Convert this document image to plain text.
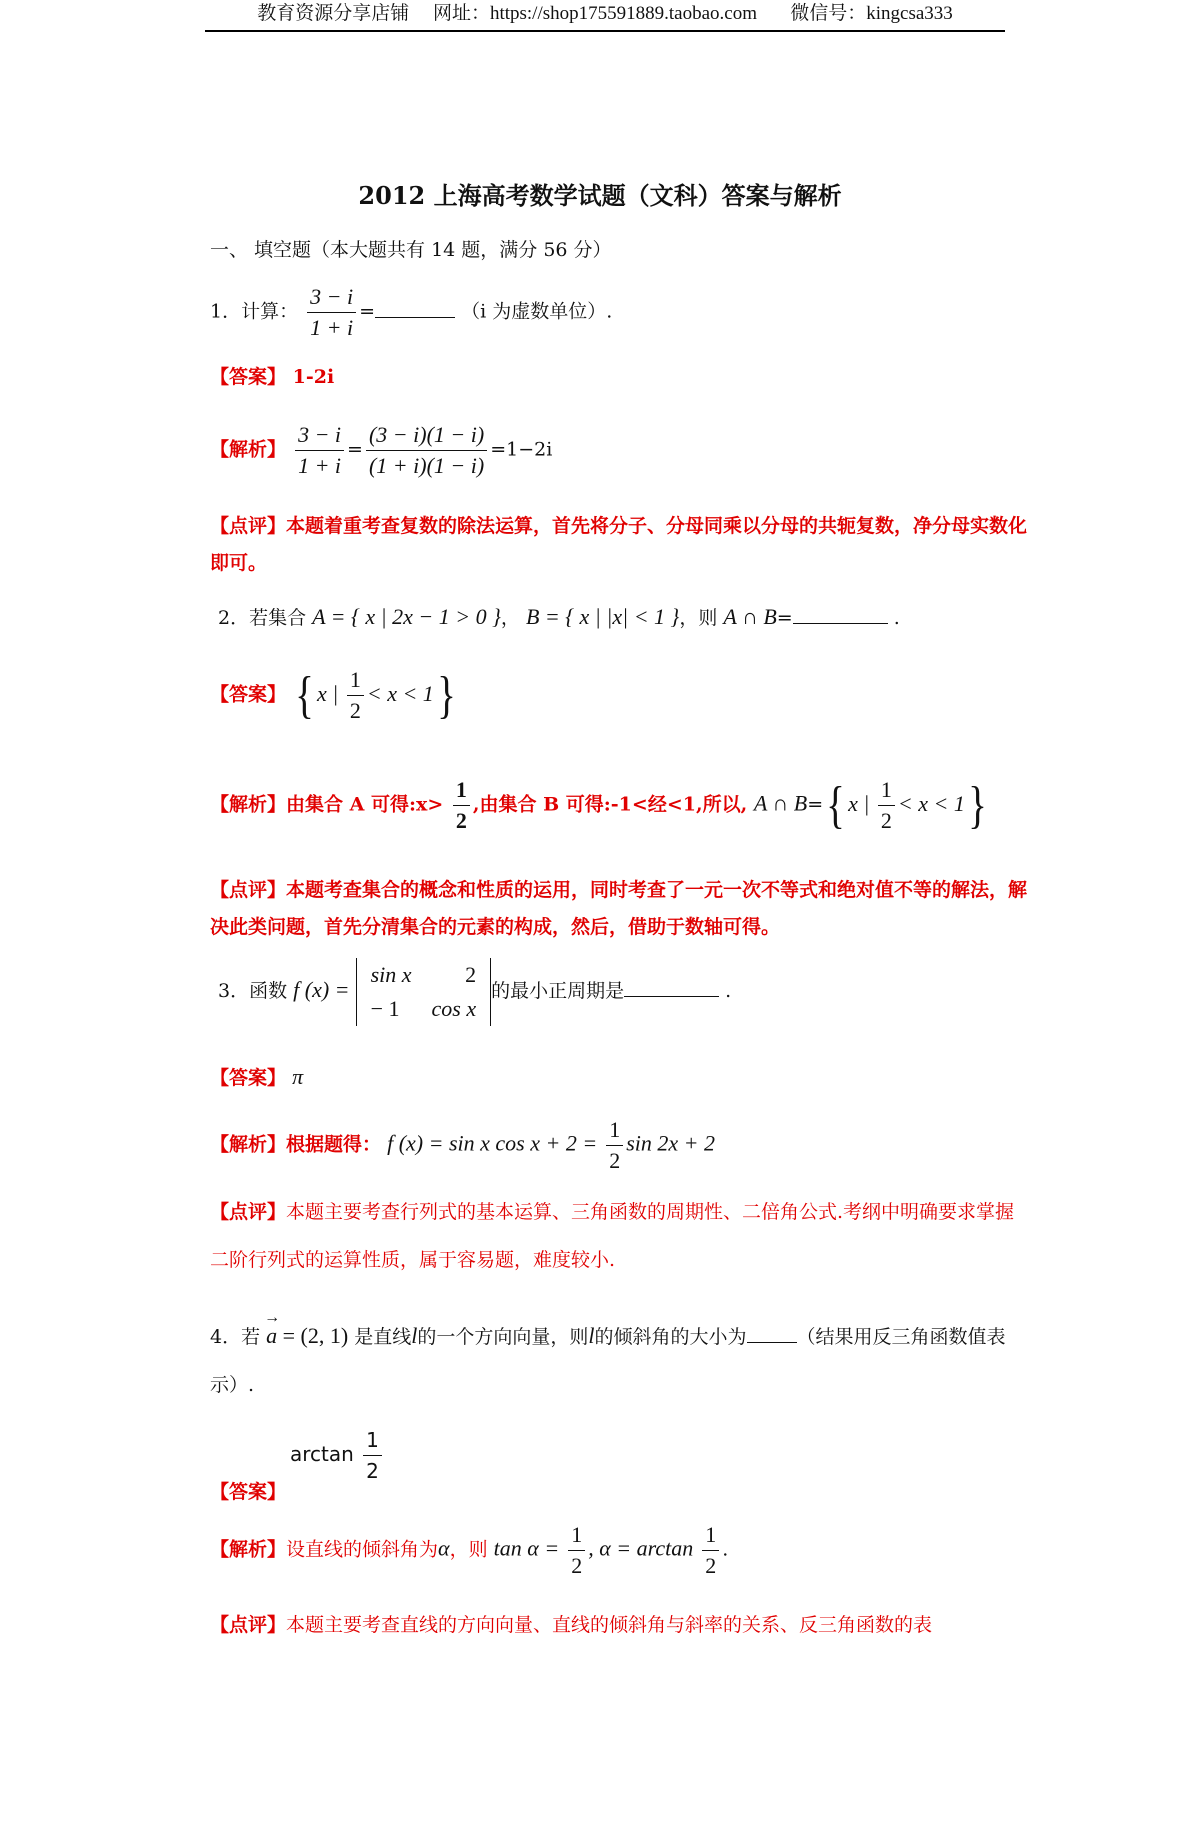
教育资源分享店铺 网址：https://shop175591889.taobao.com 微信号：kingcsa333
2012 上海高考数学试题（文科）答案与解析
一、 填空题（本大题共有 14 题，满分 56 分）
1．计算： $\frac{3 - i}{1 + i}$ =	（i 为虚数单位）.
【答案】 1-2i
【解析】 $\frac{3 - i}{1 + i} = \frac{(3 - i)(1 - i)}{(1 + i)(1 - i)} =1-2i$
【点评】本题着重考查复数的除法运算，首先将分子、分母同乘以分母的共轭复数，净分母实数化即可。
2．若集合 A = { x | 2x − 1 > 0 }， B = { x | |x| < 1 }，则 A ∩ B=	.
【答案】 { x | $\frac{1}{2} < x < 1$}
【解析】由集合 A 可得:x> $\frac{1}{2}$ ,由集合 B 可得:-1<经<1,所以, A ∩ B={ x | $\frac{1}{2} < x < 1$}
【点评】本题考查集合的概念和性质的运用，同时考查了一元一次不等式和绝对值不等的解法，解决此类问题，首先分清集合的元素的构成，然后，借助于数轴可得。
3．函数 f (x) =
sin x	2
− 1	cos x
的最小正周期是	.
【答案】 π
【解析】根据题得： f (x) = sin x $\cos x + 2 = \frac{1}{2}$ sin 2x + 2
【点评】本题主要考查行列式的基本运算、三角函数的周期性、二倍角公式.考纲中明确要求掌握二阶行列式的运算性质，属于容易题，难度较小.
4．若 → a = (2, 1) 是直线l的一个方向向量，则l的倾斜角的大小为	（结果用反三角函数值表示）.
$\arctan \frac{1}{2}$
【答案】
【解析】设直线的倾斜角为α，则 $\tan \alpha = \frac{1}{2}$ , $\alpha = \arctan \frac{1}{2}$ .
【点评】本题主要考查直线的方向向量、直线的倾斜角与斜率的关系、反三角函数的表
